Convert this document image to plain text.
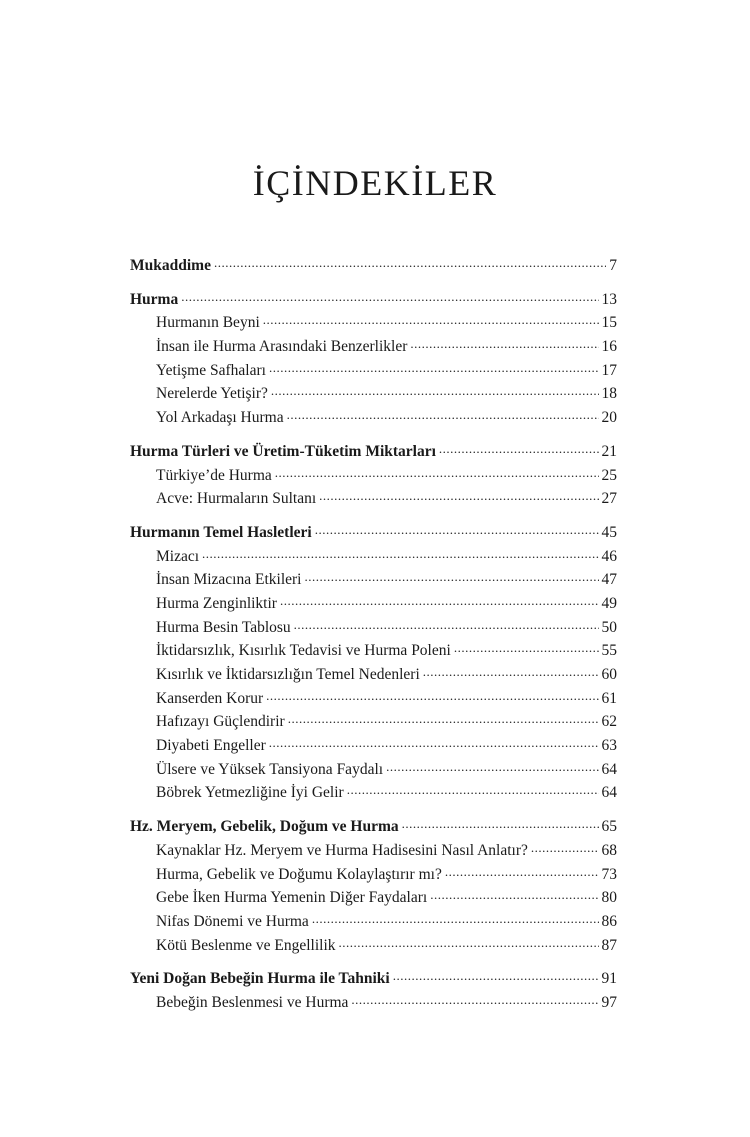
İÇİNDEKİLER
Mukaddime .....	7
Hurma .....	13
Hurmanın Beyni .....	15
İnsan ile Hurma Arasındaki Benzerlikler .....	16
Yetişme Safhaları .....	17
Nerelerde Yetişir? .....	18
Yol Arkadaşı Hurma .....	20
Hurma Türleri ve Üretim-Tüketim Miktarları .....	21
Türkiye’de Hurma .....	25
Acve: Hurmaların Sultanı .....	27
Hurmanın Temel Hasletleri .....	45
Mizacı .....	46
İnsan Mizacına Etkileri .....	47
Hurma Zenginliktir .....	49
Hurma Besin Tablosu .....	50
İktidarsızlık, Kısırlık Tedavisi ve Hurma Poleni .....	55
Kısırlık ve İktidarsızlığın Temel Nedenleri .....	60
Kanserden Korur .....	61
Hafızayı Güçlendirir .....	62
Diyabeti Engeller .....	63
Ülsere ve Yüksek Tansiyona Faydalı .....	64
Böbrek Yetmezliğine İyi Gelir .....	64
Hz. Meryem, Gebelik, Doğum ve Hurma .....	65
Kaynaklar Hz. Meryem ve Hurma Hadisesini Nasıl Anlatır? .....	68
Hurma, Gebelik ve Doğumu Kolaylaştırır mı? .....	73
Gebe İken Hurma Yemenin Diğer Faydaları .....	80
Nifas Dönemi ve Hurma .....	86
Kötü Beslenme ve Engellilik .....	87
Yeni Doğan Bebeğin Hurma ile Tahniki .....	91
Bebeğin Beslenmesi ve Hurma .....	97
